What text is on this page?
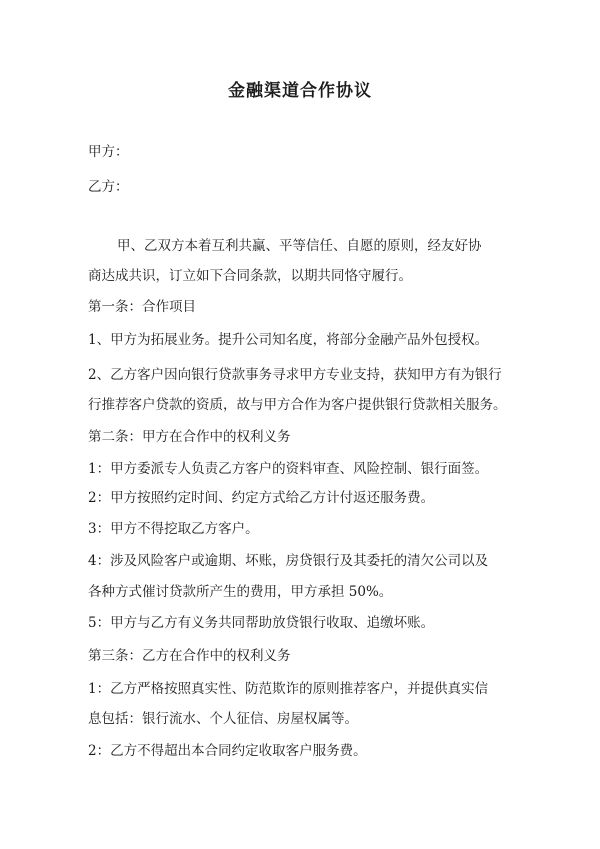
金融渠道合作协议
甲方：
乙方：
甲、乙双方本着互利共赢、平等信任、自愿的原则，经友好协
商达成共识，订立如下合同条款，以期共同恪守履行。
第一条：合作项目
1、甲方为拓展业务。提升公司知名度，将部分金融产品外包授权。
2、乙方客户因向银行贷款事务寻求甲方专业支持，获知甲方有为银行
行推荐客户贷款的资质，故与甲方合作为客户提供银行贷款相关服务。
第二条：甲方在合作中的权利义务
1：甲方委派专人负责乙方客户的资料审查、风险控制、银行面签。
2：甲方按照约定时间、约定方式给乙方计付返还服务费。
3：甲方不得挖取乙方客户。
4：涉及风险客户或逾期、坏账，房贷银行及其委托的清欠公司以及
各种方式催讨贷款所产生的费用，甲方承担 50%。
5：甲方与乙方有义务共同帮助放贷银行收取、追缴坏账。
第三条：乙方在合作中的权利义务
1：乙方严格按照真实性、防范欺诈的原则推荐客户，并提供真实信
息包括：银行流水、个人征信、房屋权属等。
2：乙方不得超出本合同约定收取客户服务费。
